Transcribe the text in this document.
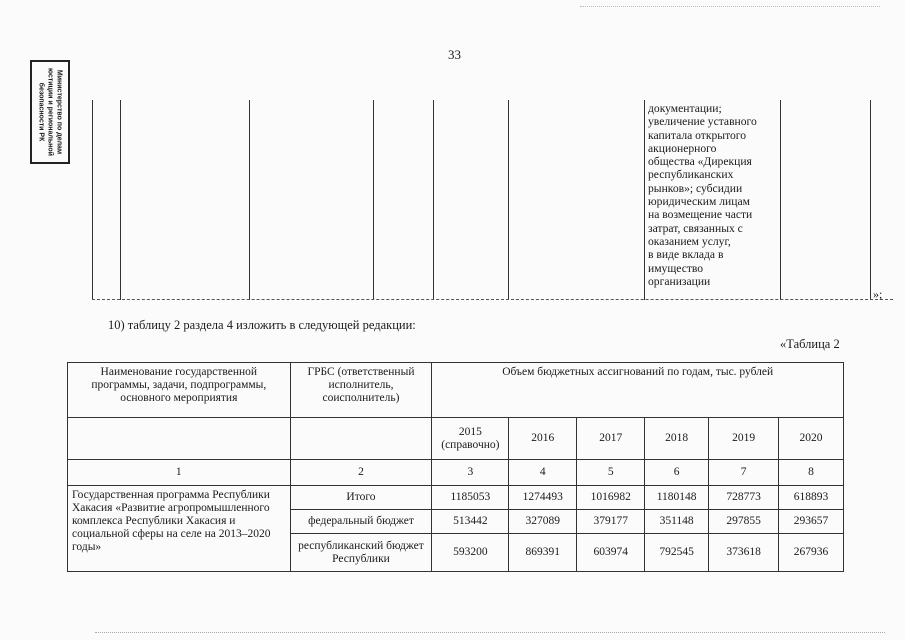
33
Министерство по делам юстиции и региональной безопасности РК	документации;
увеличение уставного
капитала открытого
акционерного
общества «Дирекция
республиканских
рынков»; субсидии
юридическим лицам
на возмещение части
затрат, связанных с
оказанием услуг,
в виде вклада в
имущество
организации
»;
10) таблицу 2 раздела 4 изложить в следующей редакции:
«Таблица 2
Наименование государственной программы, задачи, подпрограммы, основного мероприятия	ГРБС (ответственный исполнитель, соисполнитель)	Объем бюджетных ассигнований по годам, тыс. рублей					
		2015 (справочно)	2016	2017	2018	2019	2020
1	2	3	4	5	6	7	8
Государственная программа Республики Хакасия «Развитие агропромышленного комплекса Республики Хакасия и социальной сферы на селе на 2013–2020 годы»	Итого	1185053	1274493	1016982	1180148	728773	618893
	федеральный бюджет	513442	327089	379177	351148	297855	293657
	республиканский бюджет Республики	593200	869391	603974	792545	373618	267936
